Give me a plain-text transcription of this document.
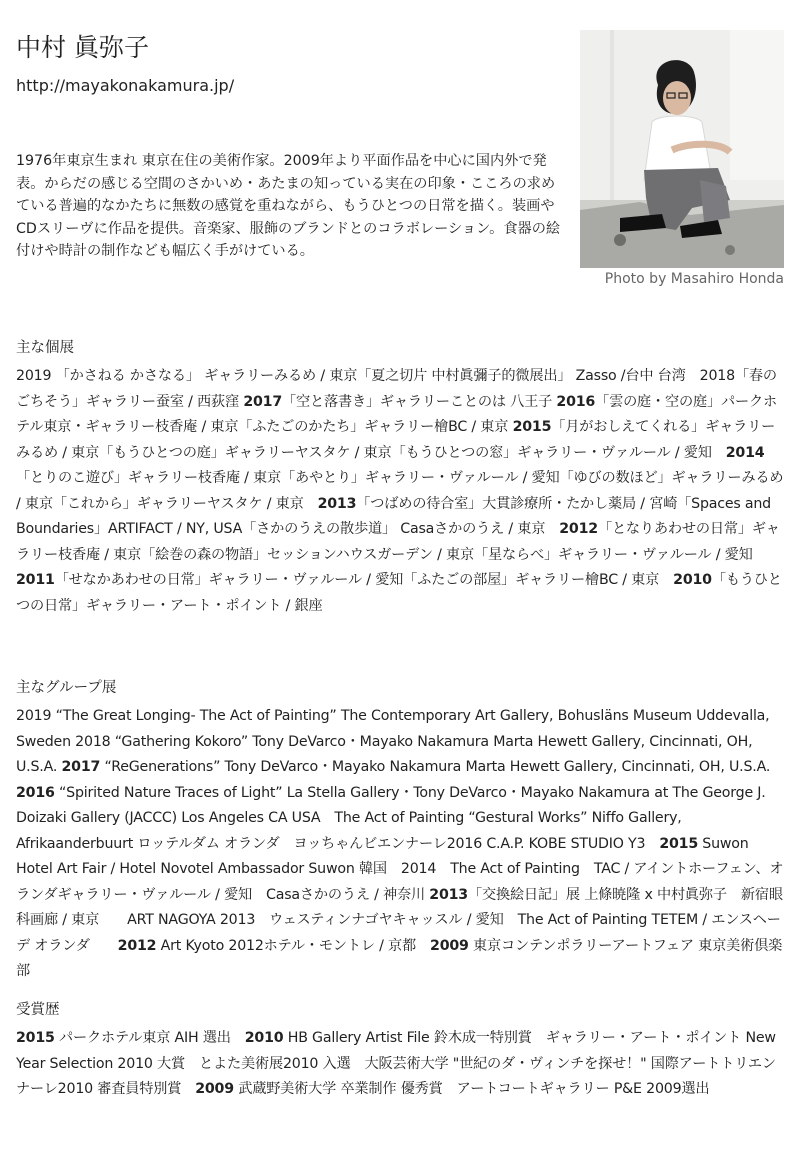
中村 眞弥子
http://mayakonakamura.jp/

1976年東京生まれ 東京在住の美術作家。2009年より平面作品を中心に国内外で発表。からだの感じる空間のさかいめ・あたまの知っている実在の印象・こころの求めている普遍的なかたちに無数の感覚を重ねながら、もうひとつの日常を描く。装画やCDスリーヴに作品を提供。音楽家、服飾のブランドとのコラボレーション。食器の絵付けや時計の制作なども幅広く手がけている。

Photo by Masahiro Honda
主な個展

2019 「かさねる かさなる」 ギャラリーみるめ / 東京「夏之切片 中村眞彌子的微展出」 Zasso /台中 台湾　2018「春のごちそう」ギャラリー蚕室 / 西荻窪 2017「空と落書き」ギャラリーことのは 八王子 2016「雲の庭・空の庭」パークホテル東京・ギャラリー枝香庵 / 東京「ふたごのかたち」ギャラリー檜BC / 東京 2015「月がおしえてくれる」ギャラリーみるめ / 東京「もうひとつの庭」ギャラリーヤスタケ / 東京「もうひとつの窓」ギャラリー・ヴァルール / 愛知　2014「とりのこ遊び」ギャラリー枝香庵 / 東京「あやとり」ギャラリー・ヴァルール / 愛知「ゆびの数ほど」ギャラリーみるめ / 東京「これから」ギャラリーヤスタケ / 東京　2013「つばめの待合室」大貫診療所・たかし薬局 / 宮崎「Spaces and Boundaries」ARTIFACT / NY, USA「さかのうえの散歩道」 Casaさかのうえ / 東京　2012「となりあわせの日常」ギャラリー枝香庵 / 東京「絵巻の森の物語」セッションハウスガーデン / 東京「星ならべ」ギャラリー・ヴァルール / 愛知　2011「せなかあわせの日常」ギャラリー・ヴァルール / 愛知「ふたごの部屋」ギャラリー檜BC / 東京　2010「もうひとつの日常」ギャラリー・アート・ポイント / 銀座

主なグループ展

2019 “The Great Longing- The Act of Painting” The Contemporary Art Gallery, Bohusläns Museum Uddevalla, Sweden 2018 “Gathering Kokoro” Tony DeVarco・Mayako Nakamura Marta Hewett Gallery, Cincinnati, OH, U.S.A. 2017 “ReGenerations” Tony DeVarco・Mayako Nakamura Marta Hewett Gallery, Cincinnati, OH, U.S.A.　2016 “Spirited Nature Traces of Light” La Stella Gallery・Tony DeVarco・Mayako Nakamura at The George J. Doizaki Gallery (JACCC) Los Angeles CA USA　The Act of Painting “Gestural Works” Niffo Gallery, Afrikaanderbuurt ロッテルダム オランダ　ヨッちゃんビエンナーレ2016 C.A.P. KOBE STUDIO Y3　2015 Suwon Hotel Art Fair / Hotel Novotel Ambassador Suwon 韓国　2014　The Act of Painting　TAC / アイントホーフェン、オランダギャラリー・ヴァルール / 愛知　Casaさかのうえ / 神奈川 2013「交換絵日記」展 上條暁隆 x 中村眞弥子　新宿眼科画廊 / 東京　　ART NAGOYA 2013　ウェスティンナゴヤキャッスル / 愛知　The Act of Painting TETEM / エンスヘーデ オランダ　　2012 Art Kyoto 2012ホテル・モントレ / 京都　2009 東京コンテンポラリーアートフェア 東京美術倶楽部

受賞歴

2015 パークホテル東京 AIH 選出　2010 HB Gallery Artist File 鈴木成一特別賞　ギャラリー・アート・ポイント New Year Selection 2010 大賞　とよた美術展2010 入選　大阪芸術大学 "世紀のダ・ヴィンチを探せ！" 国際アートトリエンナーレ2010 審査員特別賞　2009 武蔵野美術大学 卒業制作 優秀賞　アートコートギャラリー P&E 2009選出
